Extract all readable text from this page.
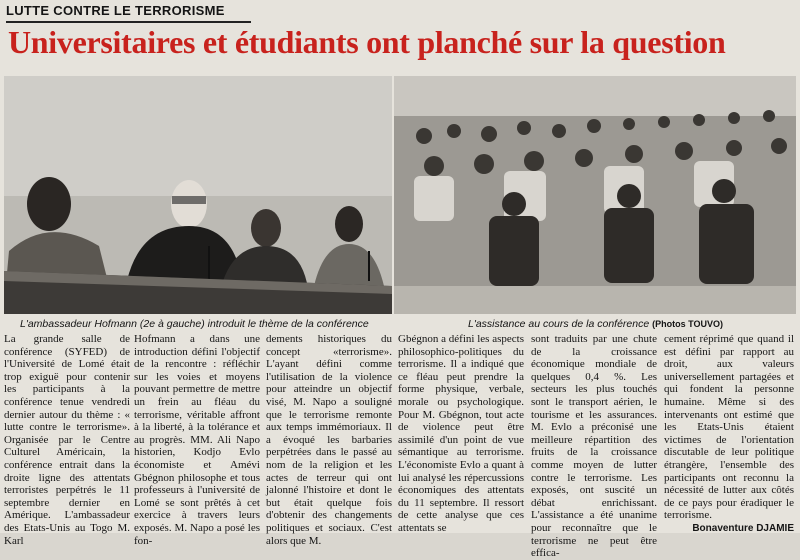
LUTTE CONTRE LE TERRORISME
Universitaires et étudiants ont planché sur la question
L'ambassadeur Hofmann (2e à gauche) introduit le thème de la conférence	L'assistance au cours de la conférence (Photos TOUVO)

La grande salle de conférence (SYFED) de l'Université de Lomé était trop exiguë pour contenir les participants à la conférence tenue vendredi dernier autour du thème : « lutte contre le terrorisme». Organisée par le Centre Culturel Américain, la conférence entrait dans la droite ligne des attentats terroristes perpétrés le 11 septembre dernier en Amérique. L'ambassadeur des Etats-Unis au Togo M. Karl

Hofmann a dans une introduction défini l'objectif de la rencontre : réfléchir sur les voies et moyens pouvant permettre de mettre un frein au fléau du terrorisme, véritable affront à la liberté, à la tolérance et au progrès. MM. Ali Napo historien, Kodjo Evlo économiste et Amévi Gbégnon philosophe et tous professeurs à l'université de Lomé se sont prêtés à cet exercice à travers leurs exposés. M. Napo a posé les fon-

dements historiques du concept «terrorisme». L'ayant défini comme l'utilisation de la violence pour atteindre un objectif visé, M. Napo a souligné que le terrorisme remonte aux temps immémoriaux. Il a évoqué les barbaries perpétrées dans le passé au nom de la religion et les actes de terreur qui ont jalonné l'histoire et dont le but était quelque fois d'obtenir des changements politiques et sociaux. C'est alors que M.

Gbégnon a défini les aspects philosophico-politiques du terrorisme. Il a indiqué que ce fléau peut prendre la forme physique, verbale, morale ou psychologique. Pour M. Gbégnon, tout acte de violence peut être assimilé d'un point de vue sémantique au terrorisme. L'économiste Evlo a quant à lui analysé les répercussions économiques des attentats du 11 septembre. Il ressort de cette analyse que ces attentats se

sont traduits par une chute de la croissance économique mondiale de quelques 0,4 %. Les secteurs les plus touchés sont le transport aérien, le tourisme et les assurances. M. Evlo a préconisé une meilleure répartition des fruits de la croissance comme moyen de lutter contre le terrorisme. Les exposés, ont suscité un débat enrichissant. L'assistance a été unanime pour reconnaître que le terrorisme ne peut être effica-

cement réprimé que quand il est défini par rapport au droit, aux valeurs universellement partagées et qui fondent la personne humaine. Même si des intervenants ont estimé que les Etats-Unis étaient victimes de l'orientation discutable de leur politique étrangère, l'ensemble des participants ont reconnu la nécessité de lutter aux côtés de ce pays pour éradiquer le terrorisme.

Bonaventure DJAMIE
